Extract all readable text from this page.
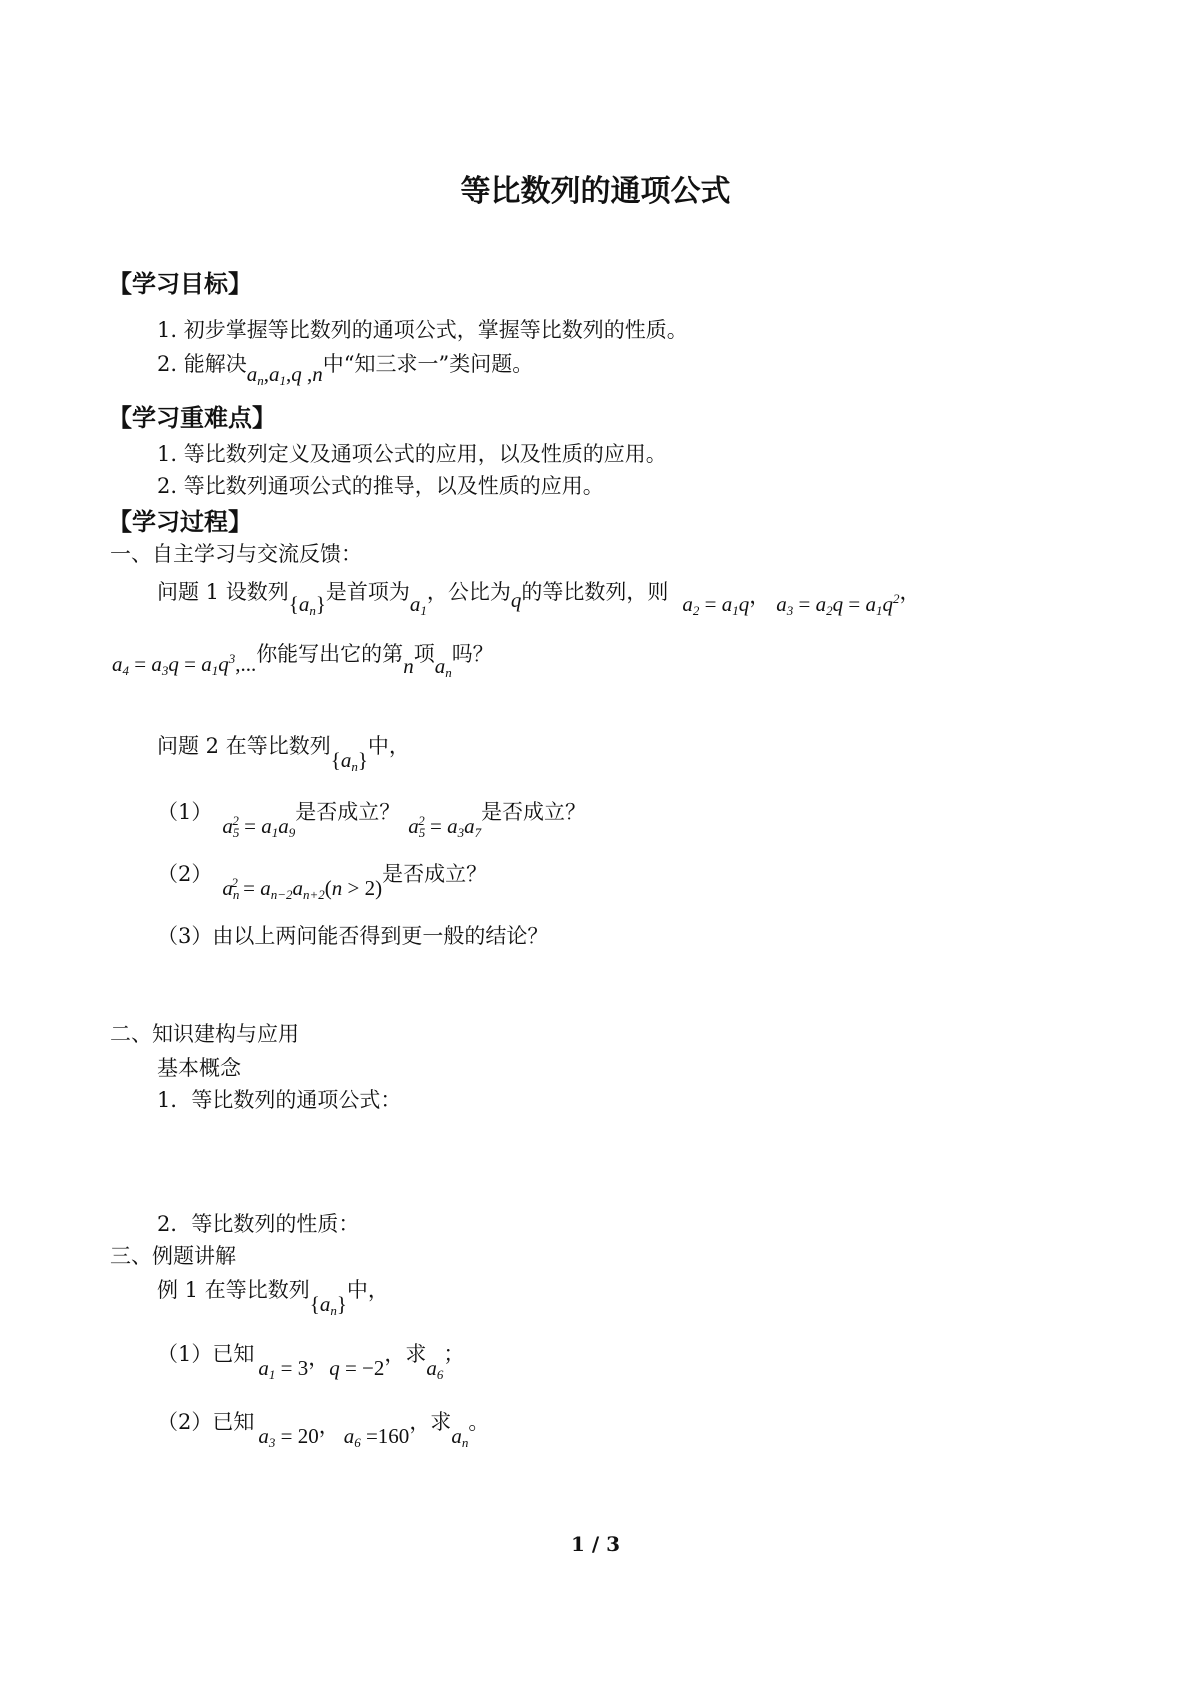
等比数列的通项公式
【学习目标】
1. 初步掌握等比数列的通项公式，掌握等比数列的性质。
2. 能解决$a_n,a_1,q$ ,n中“知三求一”类问题。
【学习重难点】
1. 等比数列定义及通项公式的应用，以及性质的应用。
2. 等比数列通项公式的推导，以及性质的应用。
【学习过程】
一、自主学习与交流反馈：
问题 1 设数列$\{a_n\}$是首项为$a_1$，公比为q的等比数列，则 $a_2 = a_1q$， $a_3 = a_2q = a_1q^2$，
$a_4 = a_3q = a_1q^3$,...你能写出它的第n项$a_n$吗？
问题 2 在等比数列$\{a_n\}$中，
$(1)a_5^2 = a_1a_9$是否成立？$a_5^2 = a_3a_7$是否成立？
$(2)a_n^2 = a_{n-2}a_{n+2}(n > 2)$是否成立？
（3）由以上两问能否得到更一般的结论？
二、知识建构与应用
基本概念
1．等比数列的通项公式：
2．等比数列的性质：
三、例题讲解
例 1 在等比数列$\{a_n\}$中，
（1）已知$a_1 = 3$，q = −2，求$a_6$；
（2）已知$a_3 = 20$， $a_6 =160$，求$a_n$。
1 / 3
